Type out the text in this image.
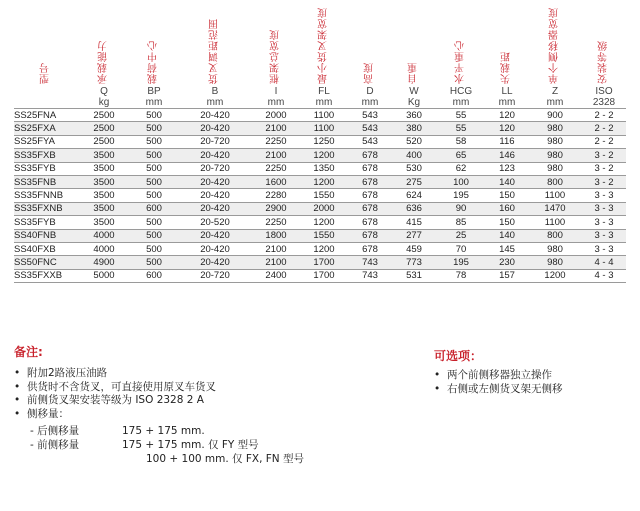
型号	承载能力	载荷中心	货叉调距范围	框架总宽度	最小货叉架宽度	高度	自重	水平重心	失载距	单个侧移器宽度	安装等级

	Q	BP	B	I	FL	D	W	HCG	LL	Z	ISO
	kg	mm	mm	mm	mm	mm	Kg	mm	mm	mm	2328
SS25FNA	2500	500	20-420	2000	1100	543	360	55	120	900	2 - 2
SS25FXA	2500	500	20-420	2100	1100	543	380	55	120	980	2 - 2
SS25FYA	2500	500	20-720	2250	1250	543	520	58	116	980	2 - 2
SS35FXB	3500	500	20-420	2100	1200	678	400	65	146	980	3 - 2
SS35FYB	3500	500	20-720	2250	1350	678	530	62	123	980	3 - 2
SS35FNB	3500	500	20-420	1600	1200	678	275	100	140	800	3 - 2
SS35FNNB	3500	500	20-420	2280	1550	678	624	195	150	1100	3 - 3
SS35FXNB	3500	600	20-420	2900	2000	678	636	90	160	1470	3 - 3
SS35FYB	3500	500	20-520	2250	1200	678	415	85	150	1100	3 - 3
SS40FNB	4000	500	20-420	1800	1550	678	277	25	140	800	3 - 3
SS40FXB	4000	500	20-420	2100	1200	678	459	70	145	980	3 - 3
SS50FNC	4900	500	20-420	2100	1700	743	773	195	230	980	4 - 4
SS35FXXB	5000	600	20-720	2400	1700	743	531	78	157	1200	4 - 3
备注:
• 附加2路液压油路
• 供货时不含货叉，可直接使用原叉车货叉
• 前侧货叉架安装等级为 ISO 2328 2 A
• 侧移量：
- 后侧移量	175 + 175 mm.
- 前侧移量	175 + 175 mm. 仅 FY 型号
100 + 100 mm. 仅 FX, FN 型号
可选项：
• 两个前侧移器独立操作
• 右侧或左侧货叉架无侧移
